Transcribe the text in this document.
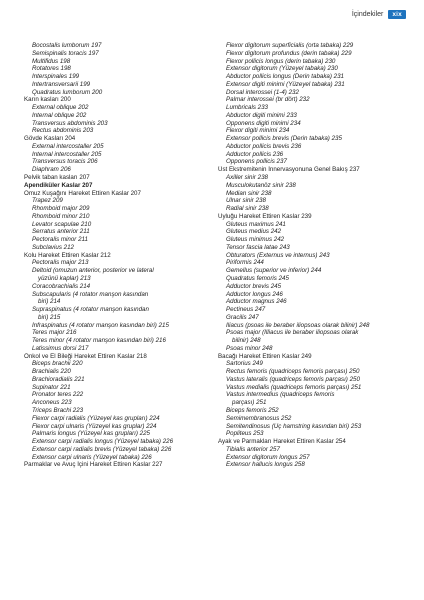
İçindekiler	xix
Bocostalis lumborum 197
Semispinalis toracis 197
Multifidus 198
Rotatores 198
Interspinales 199
Intertransversarii 199
Quadratus lumborum 200
Karın kasları 200
External oblique 202
Internal oblique 202
Transversus abdominis 203
Rectus abdominis 203
Gövde Kasları 204
External intercostaller 205
Internal intercostaller 205
Transversus toracis 206
Diaphram 206
Pelvik taban kasları 207
Apendiküler Kaslar 207
Omuz Kuşağını Hareket Ettiren Kaslar 207
Trapez 209
Rhomboid major 209
Rhomboid minor 210
Levator scapulae 210
Serratus anterior 211
Pectoralis minor 211
Subclavius 212
Kolu Hareket Ettiren Kaslar 212
Pectoralis major 213
Deltoid (omuzun anterior, posterior ve lateral
yüzünü kaplar) 213
Coracobrachialis 214
Subscapularis (4 rotator manşon kasından
biri) 214
Supraspinatus (4 rotator manşon kasından
biri) 215
İnfraspinatus (4 rotator manşon kasından biri) 215
Teres major 216
Teres minor (4 rotator manşon kasından biri) 216
Latissimus dorsi 217
Önkol ve El Bileği Hareket Ettiren Kaslar 218
Biceps brachii 220
Brachialis 220
Brachioradialis 221
Supinator 221
Pronator teres 222
Anconeus 223
Triceps Brachi 223
Flexor carpi radialis (Yüzeyel kas grupları) 224
Flexor carpi ulnaris (Yüzeyel kas gruplar) 224
Palmaris longus (Yüzeyel kas grupları) 225
Extensor carpi radialis longus (Yüzeyel tabaka) 226
Extensor carpi radialis brevis (Yüzeyel tabaka) 226
Extensor carpi ulnaris (Yüzeyel tabaka) 226
Parmaklar ve Avuç İçini Hareket Ettiren Kaslar 227
Flexor digitorum superficialis (orta tabaka) 229
Flexor digitorum profundus (derin tabaka) 229
Flexor pollicis longus (derin tabaka) 230
Extensor digitorum (Yüzeyel tabaka) 230
Abductor pollicis longus (Derin tabaka) 231
Extensor digiti minimi (Yüzeyel tabaka) 231
Dorsal interossei (1-4) 232
Palmar interossei (br dört) 232
Lumbricals 233
Abductor digiti minimi 233
Opponens digiti minimi 234
Flexor digiti minimi 234
Extensor pollicis brevis (Derin tabaka) 235
Abductor pollicis brevis 236
Adductor pollicis 236
Opponens pollicis 237
Üst Ekstremitenin İnnervasyonuna Genel Bakış 237
Axiller sinir 238
Musculokutanöz sinir 238
Median sinir 238
Ulnar sinir 238
Radial sinir 238
Uyluğu Hareket Ettiren Kaslar 239
Gluteus maximus 241
Gluteus medius 242
Gluteus minimus 242
Tensor fascia latae 243
Obturators (Externus ve internus) 243
Piriformis 244
Gemellus (superior ve inferior) 244
Quadratus femoris 245
Adductor brevis 245
Adductor longus 246
Adductor magnus 246
Pectineus 247
Gracilis 247
Iliacus (psoas ile beraber iliopsoas olarak bilinir) 248
Psoas major (Illiacus ile beraber iliopsoas olarak
bilinir) 248
Psoas minor 248
Bacağı Hareket Ettiren Kaslar 249
Sartorius 249
Rectus femoris (quadriceps femoris parçası) 250
Vastus lateralis (quadriceps femoris parçası) 250
Vastus medialis (quadriceps femoris parçası) 251
Vastus intermedius (quadriceps femoris
parçası) 251
Biceps femoris 252
Semimembranosus 252
Semitendinosus (Üç hamstring kasından biri) 253
Popliteus 253
Ayak ve Parmakları Hareket Ettiren Kaslar 254
Tibialis anterior 257
Extensor digitorum longus 257
Extensor hallucis longus 258
